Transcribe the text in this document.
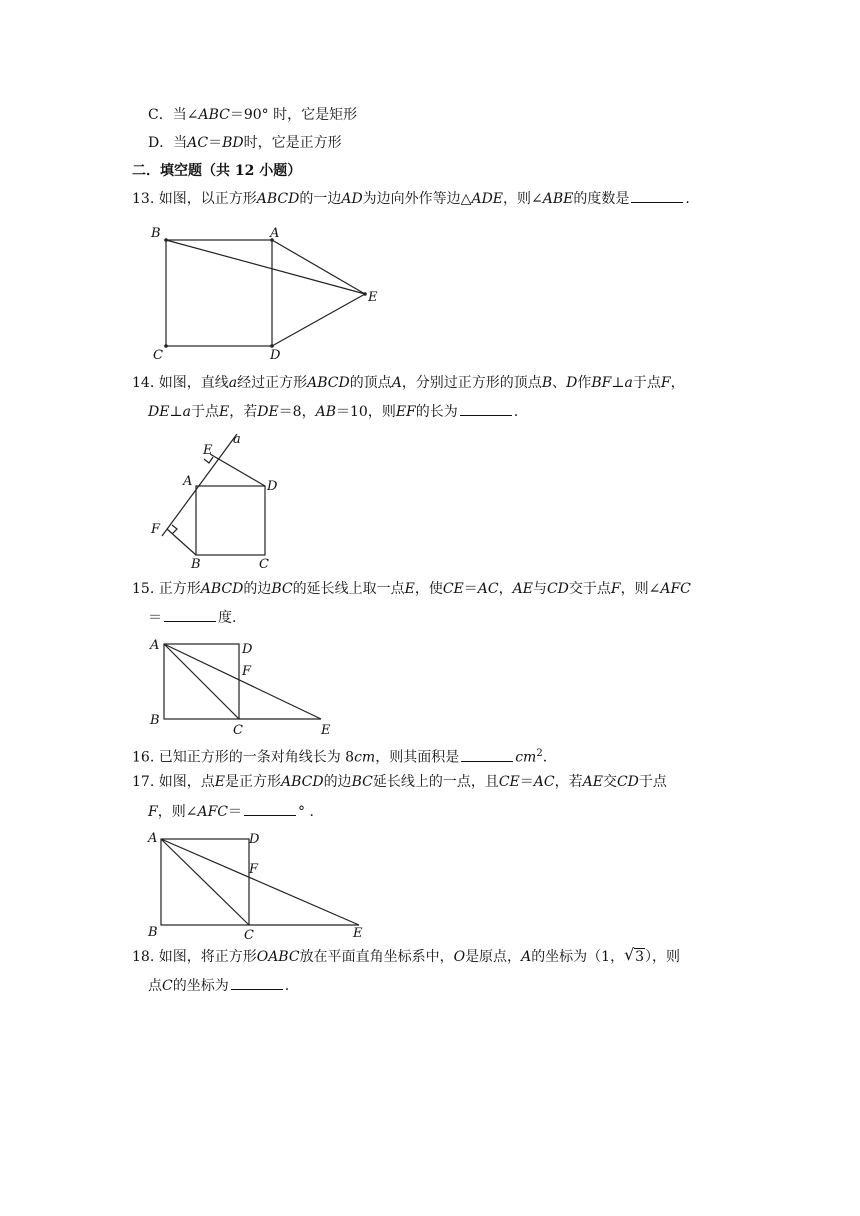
C．当∠ABC＝90° 时，它是矩形
D．当AC＝BD时，它是正方形
二．填空题（共 12 小题）
13. 如图，以正方形ABCD的一边AD为边向外作等边△ADE，则∠ABE的度数是	.
B	A
E
C	D
14. 如图，直线a经过正方形ABCD的顶点A，分别过正方形的顶点B、D作BF⊥a于点F，
DE⊥a于点E，若DE＝8，AB＝10，则EF的长为	.
E
a
A	D
F
B	C
15. 正方形ABCD的边BC的延长线上取一点E，使CE＝AC，AE与CD交于点F，则∠AFC
＝	度.
A	D
F
B
C	E
16. 已知正方形的一条对角线长为 8cm，则其面积是	$cm^2$.
17. 如图，点E是正方形ABCD的边BC延长线上的一点，且CE＝AC，若AE交CD于点
F，则∠AFC＝	° .
A	D
F
B	C	E
18. 如图，将正方形OABC放在平面直角坐标系中，O是原点，A的坐标为（1， √ 3），则
点C的坐标为	.
